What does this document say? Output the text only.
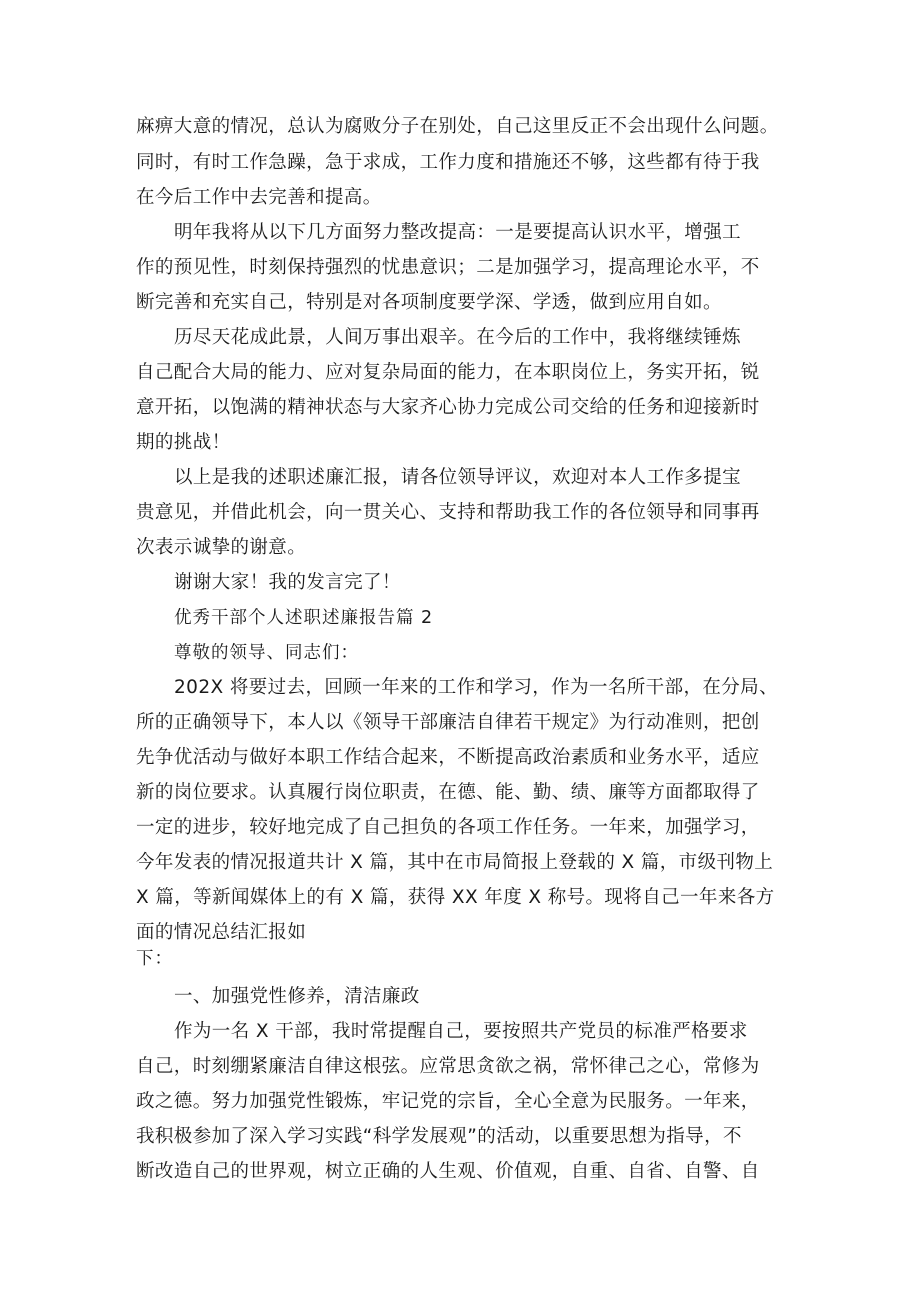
麻痹大意的情况，总认为腐败分子在别处，自己这里反正不会出现什么问题。
同时，有时工作急躁，急于求成，工作力度和措施还不够，这些都有待于我
在今后工作中去完善和提高。
明年我将从以下几方面努力整改提高：一是要提高认识水平，增强工
作的预见性，时刻保持强烈的忧患意识；二是加强学习，提高理论水平，不
断完善和充实自己，特别是对各项制度要学深、学透，做到应用自如。
历尽天花成此景，人间万事出艰辛。在今后的工作中，我将继续锤炼
自己配合大局的能力、应对复杂局面的能力，在本职岗位上，务实开拓，锐
意开拓，以饱满的精神状态与大家齐心协力完成公司交给的任务和迎接新时
期的挑战！
以上是我的述职述廉汇报，请各位领导评议，欢迎对本人工作多提宝
贵意见，并借此机会，向一贯关心、支持和帮助我工作的各位领导和同事再
次表示诚挚的谢意。
谢谢大家！我的发言完了！
优秀干部个人述职述廉报告篇 2
尊敬的领导、同志们：
202X 将要过去，回顾一年来的工作和学习，作为一名所干部，在分局、
所的正确领导下，本人以《领导干部廉洁自律若干规定》为行动准则，把创
先争优活动与做好本职工作结合起来，不断提高政治素质和业务水平，适应
新的岗位要求。认真履行岗位职责，在德、能、勤、绩、廉等方面都取得了
一定的进步，较好地完成了自己担负的各项工作任务。一年来，加强学习，
今年发表的情况报道共计 X 篇，其中在市局简报上登载的 X 篇，市级刊物上
X 篇，等新闻媒体上的有 X 篇，获得 XX 年度 X 称号。现将自己一年来各方
面的情况总结汇报如
下：
一、加强党性修养，清洁廉政
作为一名 X 干部，我时常提醒自己，要按照共产党员的标准严格要求
自己，时刻绷紧廉洁自律这根弦。应常思贪欲之祸，常怀律己之心，常修为
政之德。努力加强党性锻炼，牢记党的宗旨，全心全意为民服务。一年来，
我积极参加了深入学习实践“科学发展观”的活动，以重要思想为指导，不
断改造自己的世界观，树立正确的人生观、价值观，自重、自省、自警、自
